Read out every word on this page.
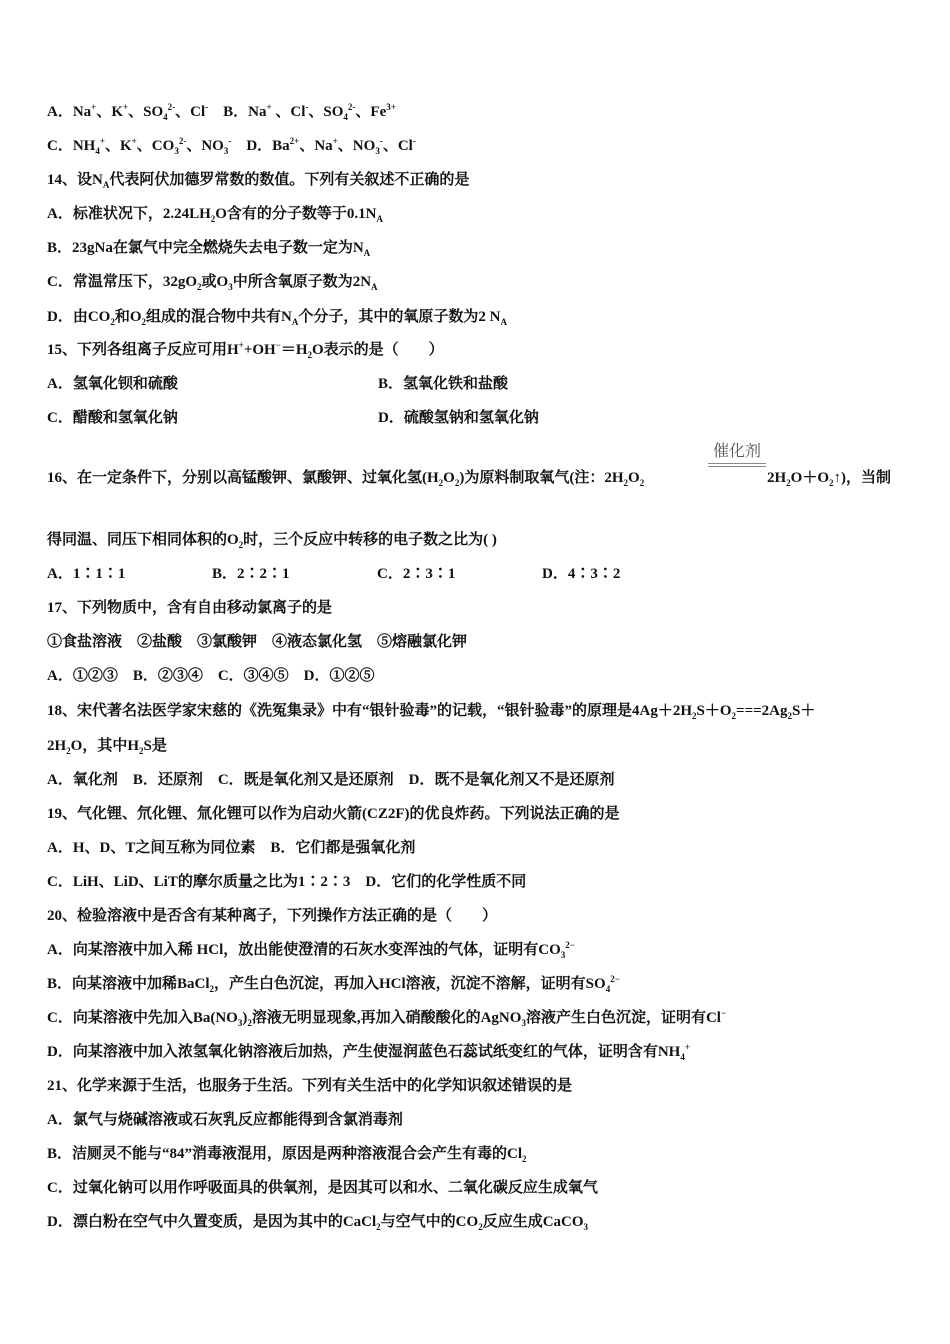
A．Na+、K+、$SO_4^{2-}$、Cl-　B．Na+ 、Cl-、$SO_4^{2-}$、$Fe^{3+}$
C．$NH_4^+$、K+、$CO_3^{2-}$、$NO_3^-$　D．$Ba^{2+}$、Na+、$NO_3^-$、Cl-
14、设$N_A$代表阿伏加德罗常数的数值。下列有关叙述不正确的是
A．标准状况下，$2.24LH_2O$含有的分子数等于$0.1N_A$
B．23gNa在氯气中完全燃烧失去电子数一定为$N_A$
C．常温常压下，$32gO_2$或$O_3$中所含氧原子数为$2N_A$
D．由$CO_2$和$O_2$组成的混合物中共有$N_A$个分子，其中的氧原子数为2 $N_A$
15、下列各组离子反应可用$H^++OH^-=H_2O$表示的是（　　）
A．氢氧化钡和硫酸	B．氢氧化铁和盐酸
C．醋酸和氢氧化钠	D．硫酸氢钠和氢氧化钠
16、在一定条件下，分别以高锰酸钾、氯酸钾、过氧化氢$(H_2O_2)$为原料制取氧气(注：$2H_2O_2$
催化剂
$2H_2O+O_2↑$)，当制
得同温、同压下相同体积的$O_2$时，三个反应中转移的电子数之比为( )
A．1∶1∶1	B．2∶2∶1	C．2∶3∶1	D．4∶3∶2
17、下列物质中，含有自由移动氯离子的是
①食盐溶液　②盐酸　③氯酸钾　④液态氯化氢　⑤熔融氯化钾
A．①②③　B．②③④　C．③④⑤　D．①②⑤
18、宋代著名法医学家宋慈的《洗冤集录》中有“银针验毒”的记载，“银针验毒”的原理是$4Ag+2H_2S+O_2===2Ag_2S+$
$2H_2O$，其中$H_2S$是
A．氧化剂　B．还原剂　C．既是氧化剂又是还原剂　D．既不是氧化剂又不是还原剂
19、气化锂、氘化锂、氚化锂可以作为启动火箭(CZ2F)的优良炸药。下列说法正确的是
A．H、D、T之间互称为同位素　B．它们都是强氧化剂
C．LiH、LiD、LiT的摩尔质量之比为1∶2∶3　D．它们的化学性质不同
20、检验溶液中是否含有某种离子，下列操作方法正确的是（　　）
A．向某溶液中加入稀 HCl，放出能使澄清的石灰水变浑浊的气体，证明有$CO_3^{2-}$
B．向某溶液中加稀BaCl$_2$，产生白色沉淀，再加入HCl溶液，沉淀不溶解，证明有$SO_4^{2-}$
C．向某溶液中先加入$Ba(NO_3)_2$溶液无明显现象,再加入硝酸酸化的AgNO$_3$溶液产生白色沉淀，证明有Cl−
D．向某溶液中加入浓氢氧化钠溶液后加热，产生使湿润蓝色石蕊试纸变红的气体，证明含有$NH_4^+$
21、化学来源于生活，也服务于生活。下列有关生活中的化学知识叙述错误的是
A．氯气与烧碱溶液或石灰乳反应都能得到含氯消毒剂
B．洁厕灵不能与“84”消毒液混用，原因是两种溶液混合会产生有毒的$Cl_2$
C．过氧化钠可以用作呼吸面具的供氧剂，是因其可以和水、二氧化碳反应生成氧气
D．漂白粉在空气中久置变质，是因为其中的CaCl$_2$与空气中的$CO_2$反应生成CaCO$_3$
